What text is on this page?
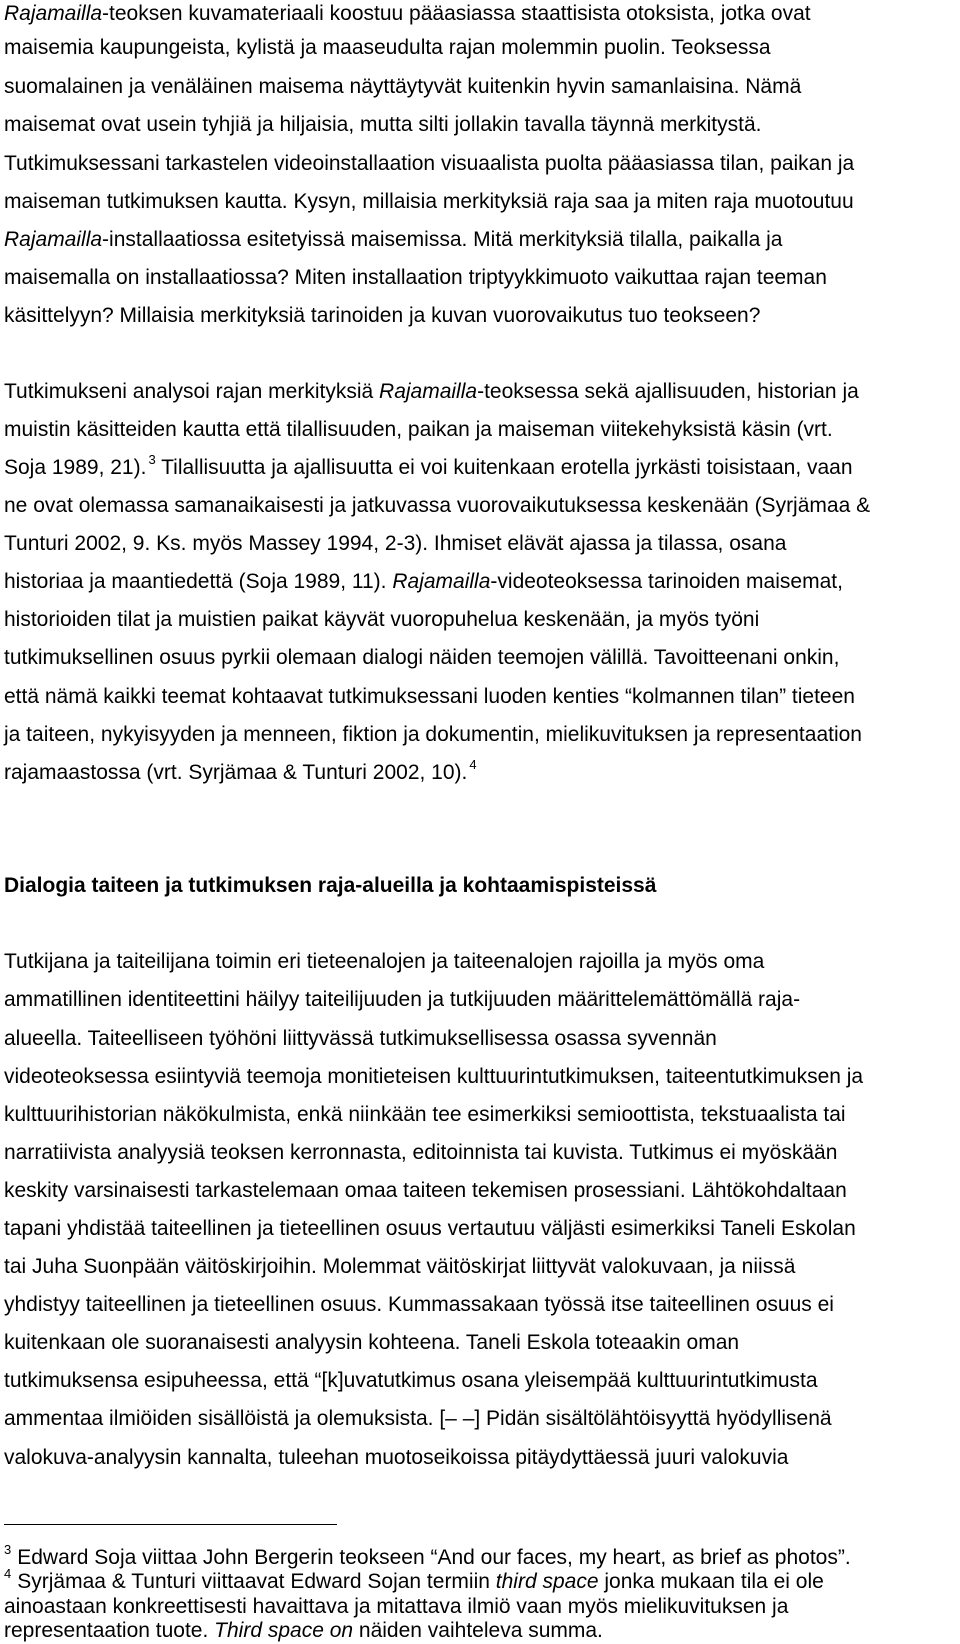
Rajamailla-teoksen kuvamateriaali koostuu pääasiassa staattisista otoksista, jotka ovat
maisemia kaupungeista, kylistä ja maaseudulta rajan molemmin puolin. Teoksessa
suomalainen ja venäläinen maisema näyttäytyvät kuitenkin hyvin samanlaisina. Nämä
maisemat ovat usein tyhjiä ja hiljaisia, mutta silti jollakin tavalla täynnä merkitystä.
Tutkimuksessani tarkastelen videoinstallaation visuaalista puolta pääasiassa tilan, paikan ja
maiseman tutkimuksen kautta. Kysyn, millaisia merkityksiä raja saa ja miten raja muotoutuu
Rajamailla-installaatiossa esitetyissä maisemissa. Mitä merkityksiä tilalla, paikalla ja
maisemalla on installaatiossa? Miten installaation triptyykkimuoto vaikuttaa rajan teeman
käsittelyyn? Millaisia merkityksiä tarinoiden ja kuvan vuorovaikutus tuo teokseen?
Tutkimukseni analysoi rajan merkityksiä Rajamailla-teoksessa sekä ajallisuuden, historian ja
muistin käsitteiden kautta että tilallisuuden, paikan ja maiseman viitekehyksistä käsin (vrt.
Soja 1989, 21). $^3$ Tilallisuutta ja ajallisuutta ei voi kuitenkaan erotella jyrkästi toisistaan, vaan
ne ovat olemassa samanaikaisesti ja jatkuvassa vuorovaikutuksessa keskenään (Syrjämaa &
Tunturi 2002, 9. Ks. myös Massey 1994, 2-3). Ihmiset elävät ajassa ja tilassa, osana
historiaa ja maantiedettä (Soja 1989, 11). Rajamailla-videoteoksessa tarinoiden maisemat,
historioiden tilat ja muistien paikat käyvät vuoropuhelua keskenään, ja myös työni
tutkimuksellinen osuus pyrkii olemaan dialogi näiden teemojen välillä. Tavoitteenani onkin,
että nämä kaikki teemat kohtaavat tutkimuksessani luoden kenties “kolmannen tilan” tieteen
ja taiteen, nykyisyyden ja menneen, fiktion ja dokumentin, mielikuvituksen ja representaation
rajamaastossa (vrt. Syrjämaa & Tunturi 2002, 10). $^4$
Dialogia taiteen ja tutkimuksen raja-alueilla ja kohtaamispisteissä
Tutkijana ja taiteilijana toimin eri tieteenalojen ja taiteenalojen rajoilla ja myös oma
ammatillinen identiteettini häilyy taiteilijuuden ja tutkijuuden määrittelemättömällä raja-
alueella. Taiteelliseen työhöni liittyvässä tutkimuksellisessa osassa syvennän
videoteoksessa esiintyviä teemoja monitieteisen kulttuurintutkimuksen, taiteentutkimuksen ja
kulttuurihistorian näkökulmista, enkä niinkään tee esimerkiksi semioottista, tekstuaalista tai
narratiivista analyysiä teoksen kerronnasta, editoinnista tai kuvista. Tutkimus ei myöskään
keskity varsinaisesti tarkastelemaan omaa taiteen tekemisen prosessiani. Lähtökohdaltaan
tapani yhdistää taiteellinen ja tieteellinen osuus vertautuu väljästi esimerkiksi Taneli Eskolan
tai Juha Suonpään väitöskirjoihin. Molemmat väitöskirjat liittyvät valokuvaan, ja niissä
yhdistyy taiteellinen ja tieteellinen osuus. Kummassakaan työssä itse taiteellinen osuus ei
kuitenkaan ole suoranaisesti analyysin kohteena. Taneli Eskola toteaakin oman
tutkimuksensa esipuheessa, että “[k]uvatutkimus osana yleisempää kulttuurintutkimusta
ammentaa ilmiöiden sisällöistä ja olemuksista. [– –] Pidän sisältölähtöisyyttä hyödyllisenä
valokuva-analyysin kannalta, tuleehan muotoseikoissa pitäydyttäessä juuri valokuvia
$^3$ Edward Soja viittaa John Bergerin teokseen “And our faces, my heart, as brief as photos”.
$^4$ Syrjämaa & Tunturi viittaavat Edward Sojan termiin third space jonka mukaan tila ei ole
ainoastaan konkreettisesti havaittava ja mitattava ilmiö vaan myös mielikuvituksen ja
representaation tuote. Third space on näiden vaihteleva summa.
